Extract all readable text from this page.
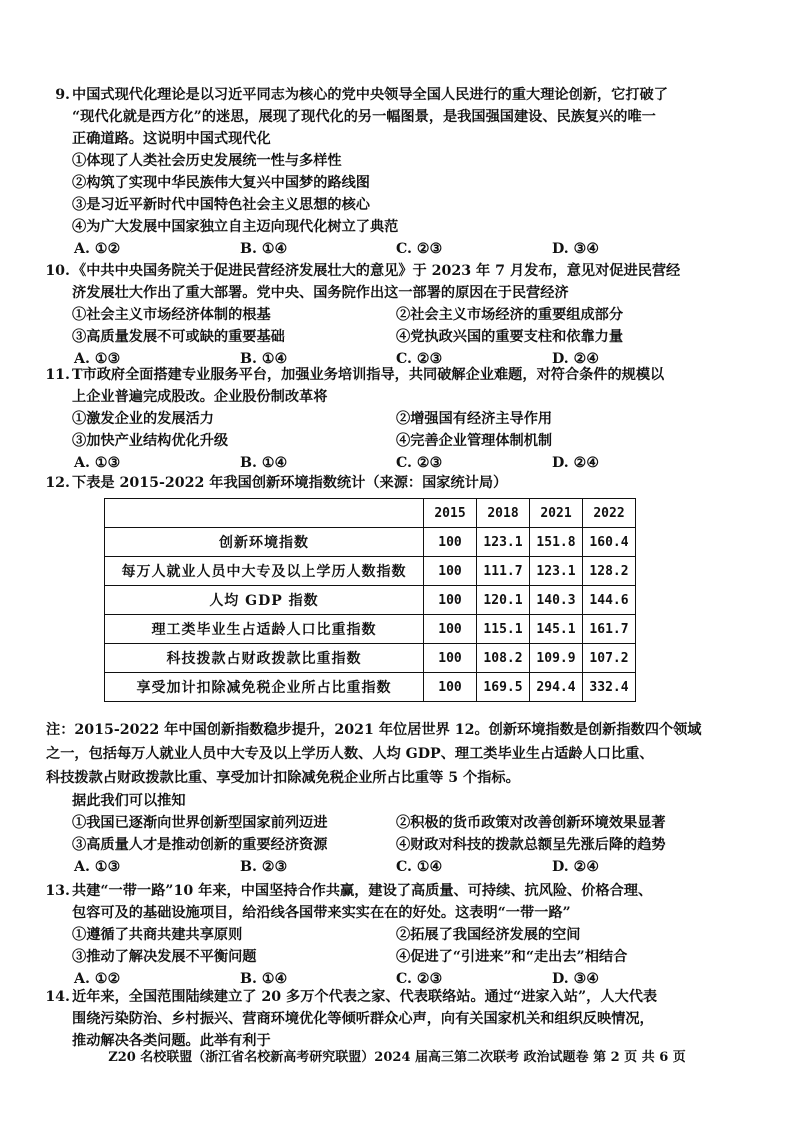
9. 中国式现代化理论是以习近平同志为核心的党中央领导全国人民进行的重大理论创新，它打破了
“现代化就是西方化”的迷思，展现了现代化的另一幅图景，是我国强国建设、民族复兴的唯一
正确道路。这说明中国式现代化
①体现了人类社会历史发展统一性与多样性
②构筑了实现中华民族伟大复兴中国梦的路线图
③是习近平新时代中国特色社会主义思想的核心
④为广大发展中国家独立自主迈向现代化树立了典范
A. ①②	B. ①④	C. ②③	D. ③④
10. 《中共中央国务院关于促进民营经济发展壮大的意见》于 2023 年 7 月发布，意见对促进民营经
济发展壮大作出了重大部署。党中央、国务院作出这一部署的原因在于民营经济
①社会主义市场经济体制的根基	②社会主义市场经济的重要组成部分
③高质量发展不可或缺的重要基础	④党执政兴国的重要支柱和依靠力量
A. ①③	B. ①④	C. ②③	D. ②④
11. T市政府全面搭建专业服务平台，加强业务培训指导，共同破解企业难题，对符合条件的规模以
上企业普遍完成股改。企业股份制改革将
①激发企业的发展活力	②增强国有经济主导作用
③加快产业结构优化升级	④完善企业管理体制机制
A. ①③	B. ①④	C. ②③	D. ②④
12. 下表是 2015-2022 年我国创新环境指数统计（来源：国家统计局）
	2015	2018	2021	2022
创新环境指数	100	123.1	151.8	160.4
每万人就业人员中大专及以上学历人数指数	100	111.7	123.1	128.2
人均 GDP 指数	100	120.1	140.3	144.6
理工类毕业生占适龄人口比重指数	100	115.1	145.1	161.7
科技拨款占财政拨款比重指数	100	108.2	109.9	107.2
享受加计扣除减免税企业所占比重指数	100	169.5	294.4	332.4
注：2015-2022 年中国创新指数稳步提升，2021 年位居世界 12。创新环境指数是创新指数四个领域
之一，包括每万人就业人员中大专及以上学历人数、人均 GDP、理工类毕业生占适龄人口比重、
科技拨款占财政拨款比重、享受加计扣除减免税企业所占比重等 5 个指标。
据此我们可以推知
①我国已逐渐向世界创新型国家前列迈进	②积极的货币政策对改善创新环境效果显著
③高质量人才是推动创新的重要经济资源	④财政对科技的拨款总额呈先涨后降的趋势
A. ①③	B. ②③	C. ①④	D. ②④
13. 共建“一带一路”10 年来，中国坚持合作共赢，建设了高质量、可持续、抗风险、价格合理、
包容可及的基础设施项目，给沿线各国带来实实在在的好处。这表明“一带一路”
①遵循了共商共建共享原则	②拓展了我国经济发展的空间
③推动了解决发展不平衡问题	④促进了“引进来”和“走出去”相结合
A. ①②	B. ①④	C. ②③	D. ③④
14. 近年来，全国范围陆续建立了 20 多万个代表之家、代表联络站。通过“进家入站”，人大代表
围绕污染防治、乡村振兴、营商环境优化等倾听群众心声，向有关国家机关和组织反映情况，
推动解决各类问题。此举有利于
Z20 名校联盟（浙江省名校新高考研究联盟）2024 届高三第二次联考 政治试题卷 第 2 页 共 6 页
